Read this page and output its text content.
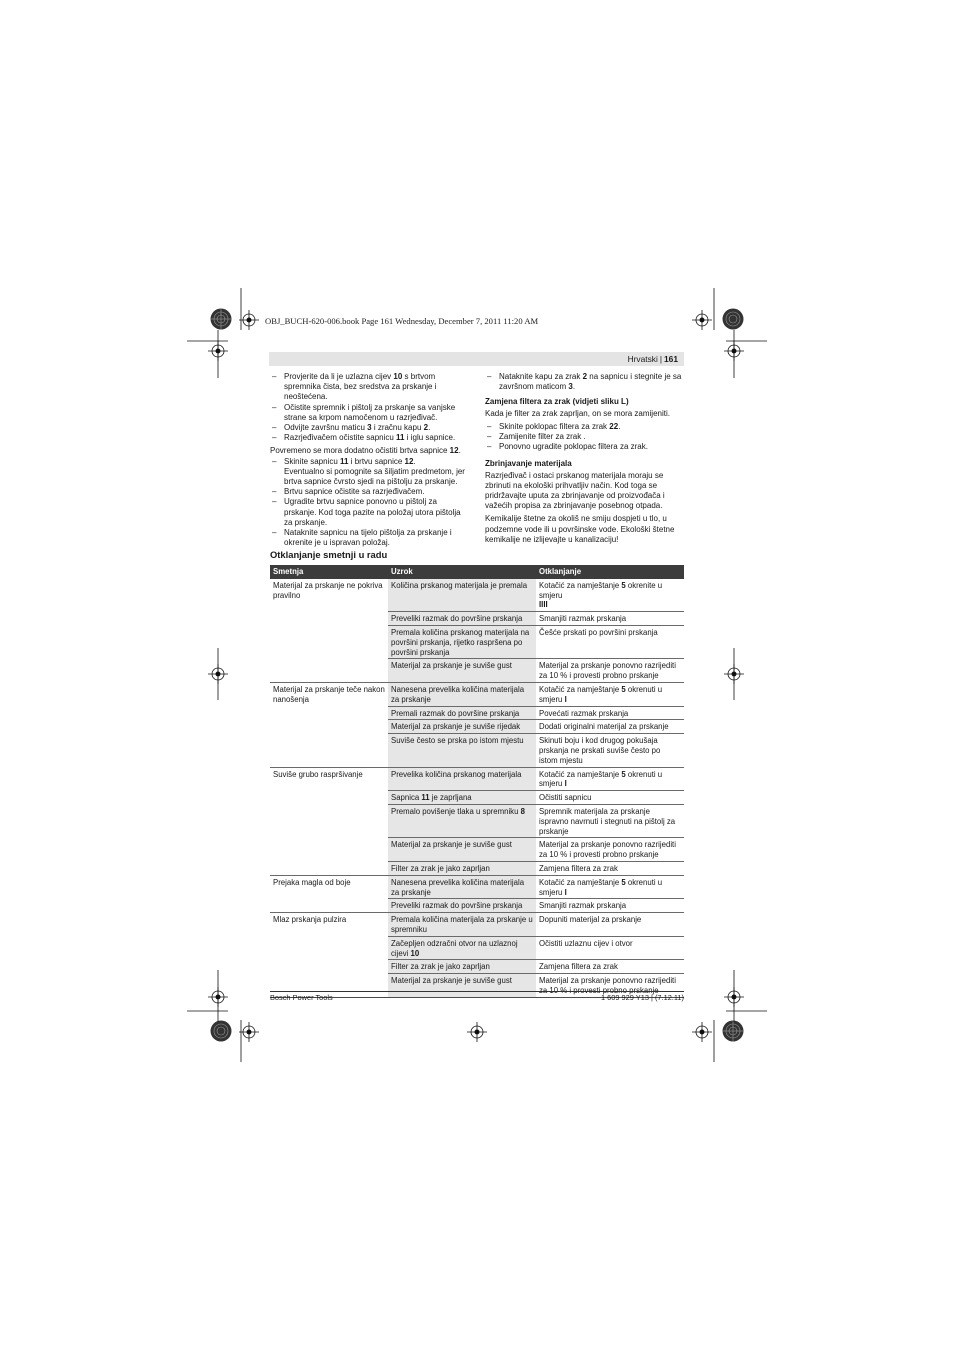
OBJ_BUCH-620-006.book Page 161 Wednesday, December 7, 2011 11:20 AM
Hrvatski | 161
– Provjerite da li je uzlazna cijev 10 s brtvom spremnika čista, bez sredstva za prskanje i neoštećena.
– Očistite spremnik i pištolj za prskanje sa vanjske strane sa krpom namočenom u razrjeđivač.
– Odvijte završnu maticu 3 i zračnu kapu 2.
– Razrjeđivačem očistite sapnicu 11 i iglu sapnice.
Povremeno se mora dodatno očistiti brtva sapnice 12.
– Skinite sapnicu 11 i brtvu sapnice 12.
Eventualno si pomognite sa šiljatim predmetom, jer brtva sapnice čvrsto sjedi na pištolju za prskanje.
– Brtvu sapnice očistite sa razrjeđivačem.
– Ugradite brtvu sapnice ponovno u pištolj za prskanje. Kod toga pazite na položaj utora pištolja za prskanje.
– Nataknite sapnicu na tijelo pištolja za prskanje i okrenite je u ispravan položaj.
– Nataknite kapu za zrak 2 na sapnicu i stegnite je sa završnom maticom 3.
Zamjena filtera za zrak (vidjeti sliku L)
Kada je filter za zrak zaprljan, on se mora zamijeniti.
– Skinite poklopac filtera za zrak 22.
– Zamijenite filter za zrak .
– Ponovno ugradite poklopac filtera za zrak.
Zbrinjavanje materijala
Razrjeđivač i ostaci prskanog materijala moraju se zbrinuti na ekološki prihvatljiv način. Kod toga se pridržavajte uputa za zbrinjavanje od proizvođača i važećih propisa za zbrinjavanje posebnog otpada.
Kemikalije štetne za okoliš ne smiju dospjeti u tlo, u podzemne vode ili u površinske vode. Ekološki štetne kemikalije ne izlijevajte u kanalizaciju!
Otklanjanje smetnji u radu
Smetnja	Uzrok	Otklanjanje
Materijal za prskanje ne pokriva pravilno	Količina prskanog materijala je premala	Kotačić za namještanje 5 okrenite u smjeru
IIII
	Preveliki razmak do površine prskanja	Smanjiti razmak prskanja
	Premala količina prskanog materijala na površini prskanja, rijetko raspršena po površini prskanja	Češće prskati po površini prskanja
	Materijal za prskanje je suviše gust	Materijal za prskanje ponovno razrijediti za 10 % i provesti probno prskanje
Materijal za prskanje teče nakon nanošenja	Nanesena prevelika količina materijala za prskanje	Kotačić za namještanje 5 okrenuti u smjeru I
	Premali razmak do površine prskanja	Povećati razmak prskanja
	Materijal za prskanje je suviše rijedak	Dodati originalni materijal za prskanje
	Suviše često se prska po istom mjestu	Skinuti boju i kod drugog pokušaja prskanja ne prskati suviše često po istom mjestu
Suviše grubo raspršivanje	Prevelika količina prskanog materijala	Kotačić za namještanje 5 okrenuti u smjeru I
	Sapnica 11 je zaprljana	Očistiti sapnicu
	Premalo povišenje tlaka u spremniku 8	Spremnik materijala za prskanje ispravno navrnuti i stegnuti na pištolj za prskanje
	Materijal za prskanje je suviše gust	Materijal za prskanje ponovno razrijediti za 10 % i provesti probno prskanje
	Filter za zrak je jako zaprljan	Zamjena filtera za zrak
Prejaka magla od boje	Nanesena prevelika količina materijala za prskanje	Kotačić za namještanje 5 okrenuti u smjeru I
	Preveliki razmak do površine prskanja	Smanjiti razmak prskanja
Mlaz prskanja pulzira	Premala količina materijala za prskanje u spremniku	Dopuniti materijal za prskanje
	Začepljen odzračni otvor na uzlaznoj cijevi 10	Očistiti uzlaznu cijev i otvor
	Filter za zrak je jako zaprljan	Zamjena filtera za zrak
	Materijal za prskanje je suviše gust	Materijal za prskanje ponovno razrijediti
Bosch Power Tools	1 609 929 Y13 | (7.12.11)
